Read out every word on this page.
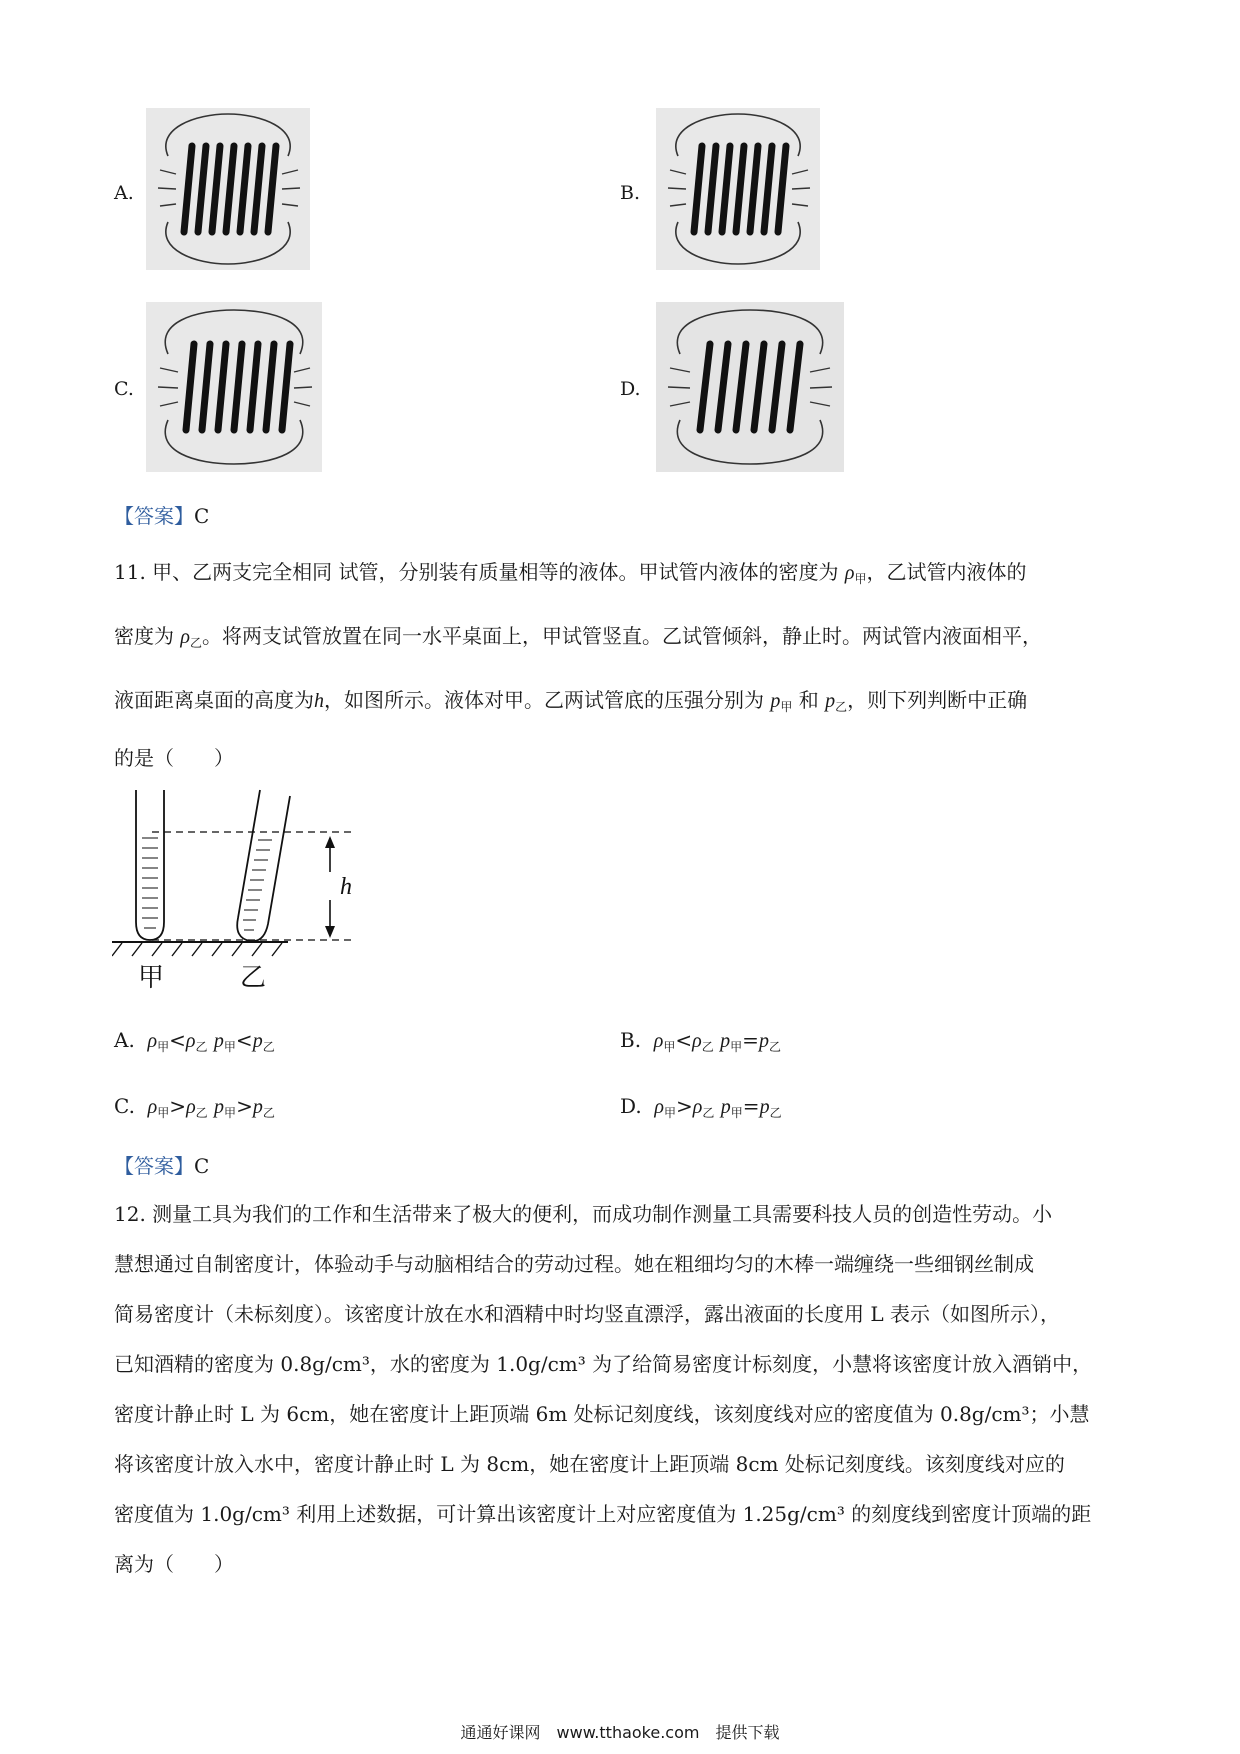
A.	B.
C.	D.
【答案】C
11. 甲、乙两支完全相同 试管，分别装有质量相等的液体。甲试管内液体的密度为 $\rho_甲$，乙试管内液体的
密度为 $\rho_乙$。将两支试管放置在同一水平桌面上，甲试管竖直。乙试管倾斜，静止时。两试管内液面相平，
液面距离桌面的高度为h，如图所示。液体对甲。乙两试管底的压强分别为 $p_甲$ 和 $p_乙$，则下列判断中正确
的是（　　）
甲	乙
h
A. $\rho_甲<\rho_乙$ $p_甲<p_乙$	B. $\rho_甲<\rho_乙$ $p_甲=p_乙$
C. $\rho_甲>\rho_乙$ $p_甲>p_乙$	D. $\rho_甲>\rho_乙$ $p_甲=p_乙$
【答案】C
12. 测量工具为我们的工作和生活带来了极大的便利，而成功制作测量工具需要科技人员的创造性劳动。小
慧想通过自制密度计，体验动手与动脑相结合的劳动过程。她在粗细均匀的木棒一端缠绕一些细钢丝制成
简易密度计（未标刻度）。该密度计放在水和酒精中时均竖直漂浮，露出液面的长度用 L 表示（如图所示），
已知酒精的密度为 0.8g/cm³，水的密度为 1.0g/cm³ 为了给简易密度计标刻度，小慧将该密度计放入酒销中，
密度计静止时 L 为 6cm，她在密度计上距顶端 6m 处标记刻度线，该刻度线对应的密度值为 0.8g/cm³；小慧
将该密度计放入水中，密度计静止时 L 为 8cm，她在密度计上距顶端 8cm 处标记刻度线。该刻度线对应的
密度值为 1.0g/cm³ 利用上述数据，可计算出该密度计上对应密度值为 1.25g/cm³ 的刻度线到密度计顶端的距
离为（　　）
通通好课网　www.tthaoke.com　提供下载
